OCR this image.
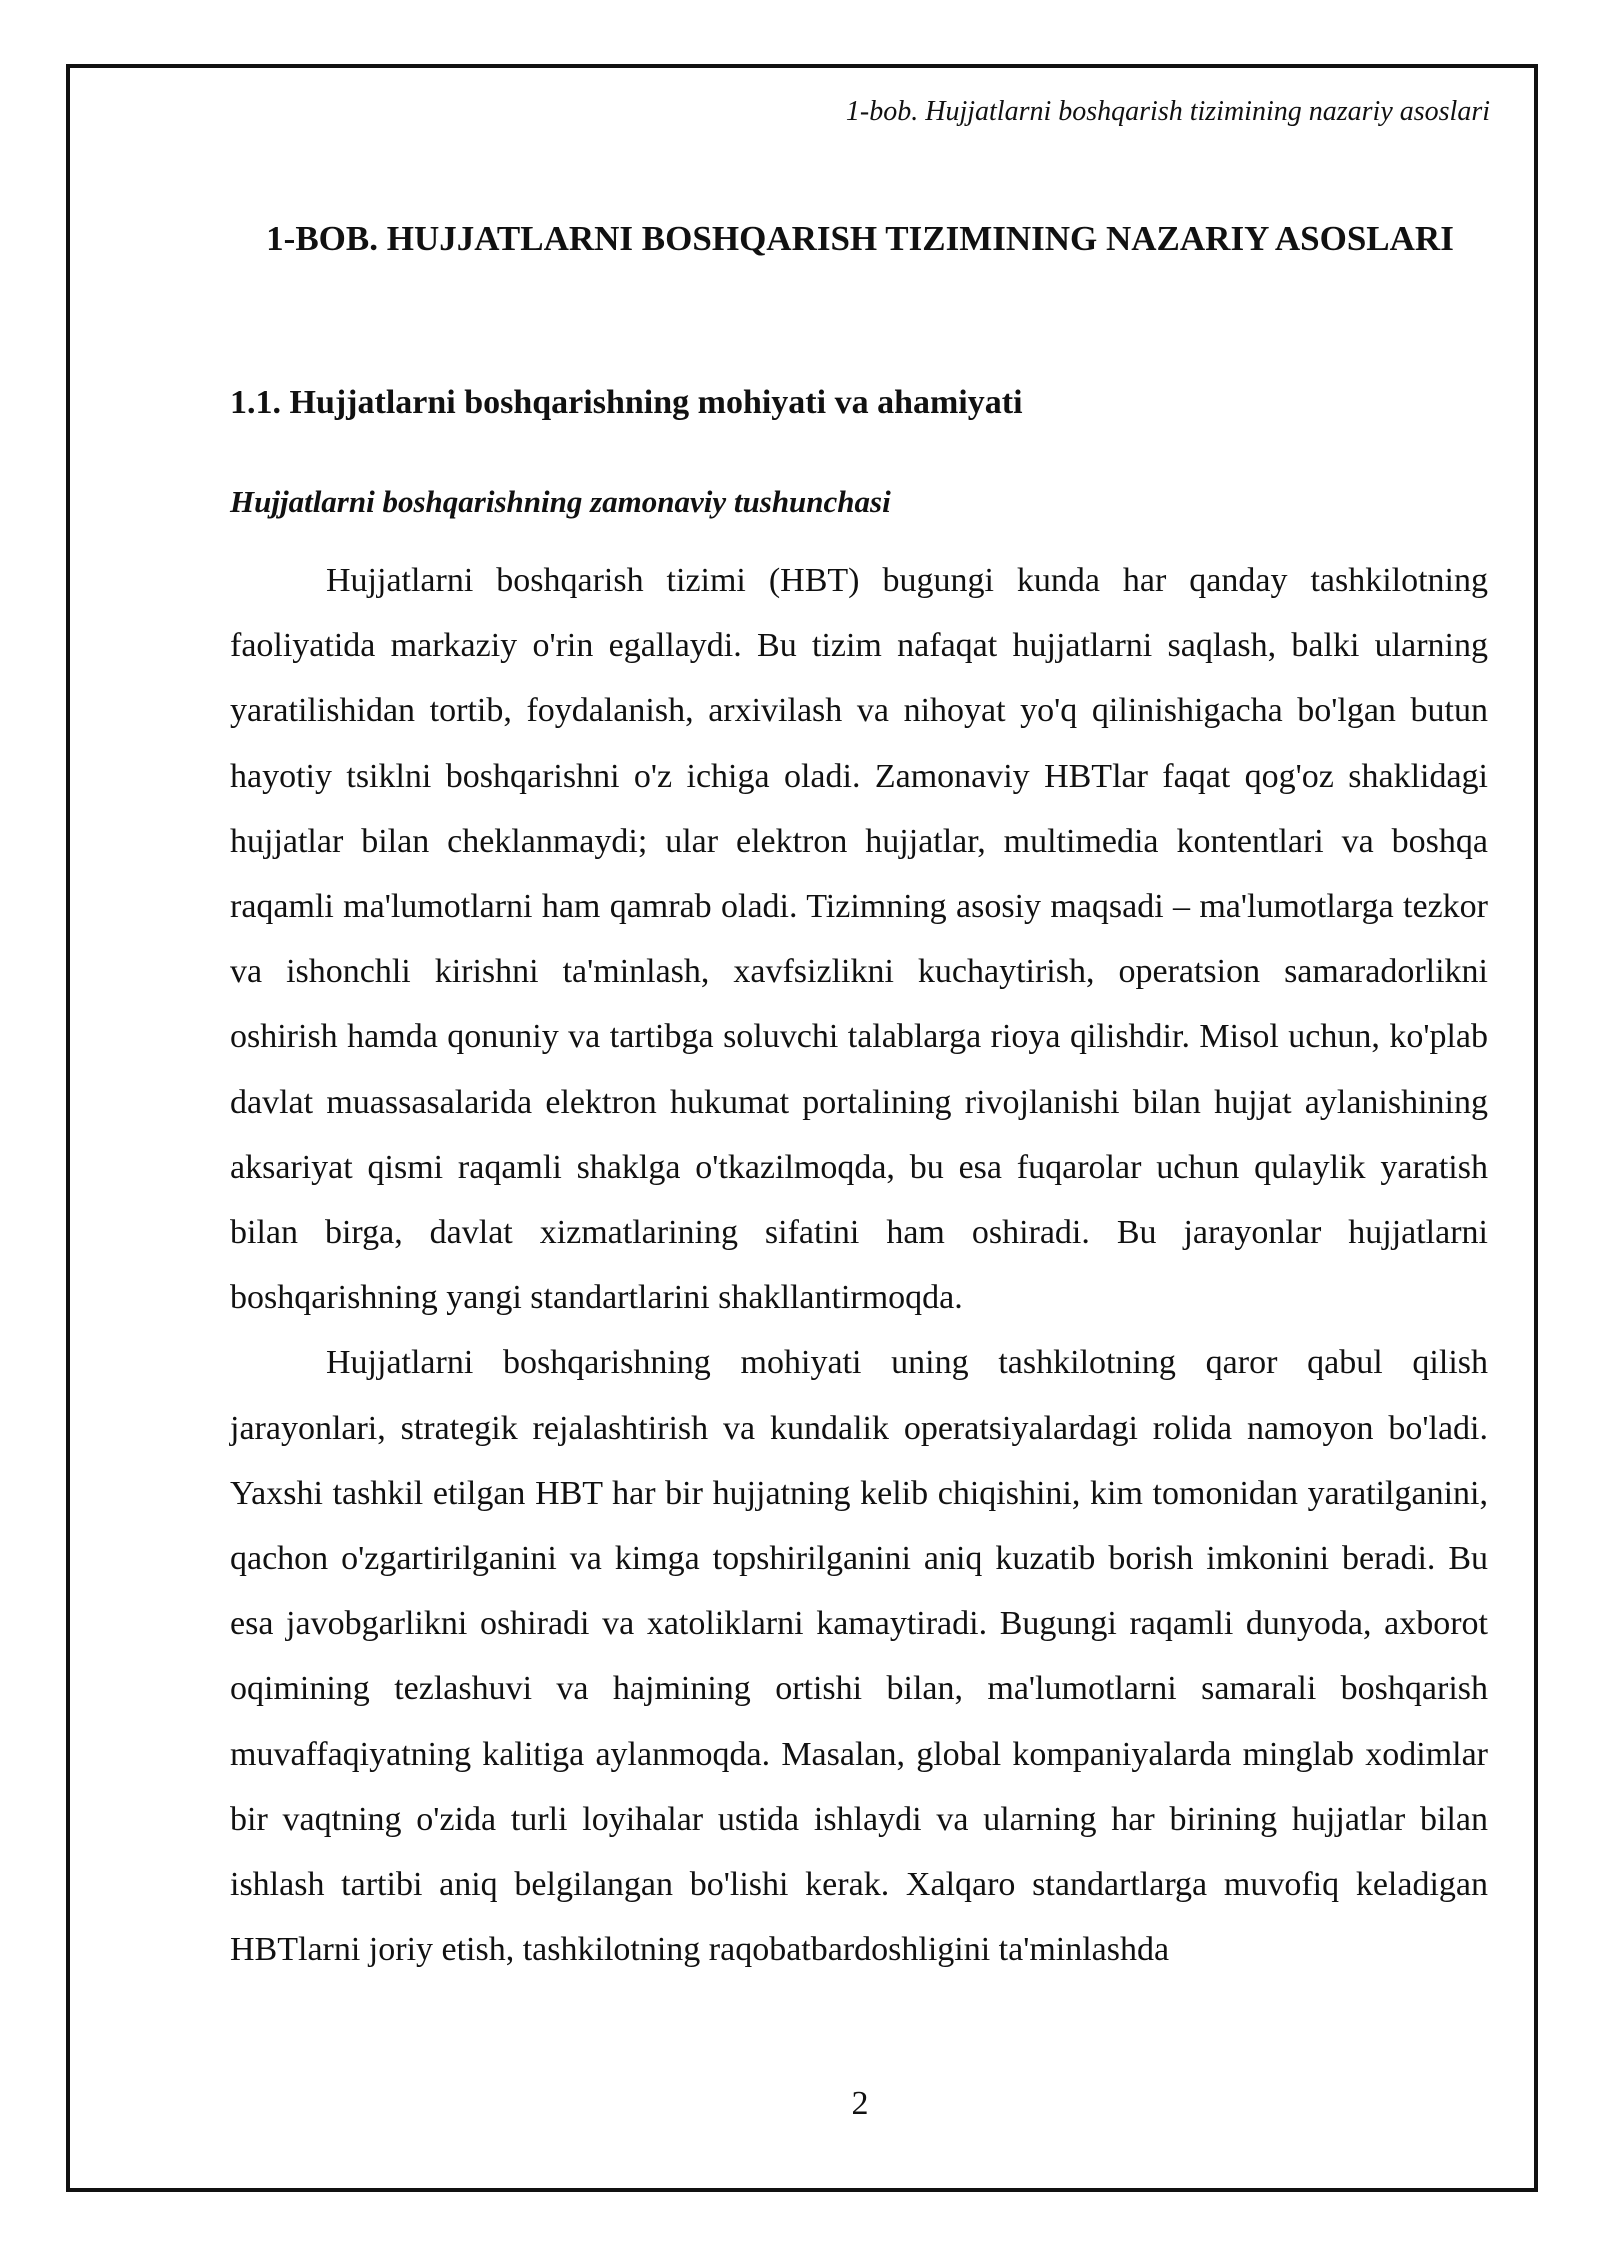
1-bob. Hujjatlarni boshqarish tizimining nazariy asoslari
1-BOB. HUJJATLARNI BOSHQARISH TIZIMINING NAZARIY ASOSLARI
1.1. Hujjatlarni boshqarishning mohiyati va ahamiyati
Hujjatlarni boshqarishning zamonaviy tushunchasi

Hujjatlarni boshqarish tizimi (HBT) bugungi kunda har qanday tashkilotning faoliyatida markaziy o'rin egallaydi. Bu tizim nafaqat hujjatlarni saqlash, balki ularning yaratilishidan tortib, foydalanish, arxivilash va nihoyat yo'q qilinishigacha bo'lgan butun hayotiy tsiklni boshqarishni o'z ichiga oladi. Zamonaviy HBTlar faqat qog'oz shaklidagi hujjatlar bilan cheklanmaydi; ular elektron hujjatlar, multimedia kontentlari va boshqa raqamli ma'lumotlarni ham qamrab oladi. Tizimning asosiy maqsadi – ma'lumotlarga tezkor va ishonchli kirishni ta'minlash, xavfsizlikni kuchaytirish, operatsion samaradorlikni oshirish hamda qonuniy va tartibga soluvchi talablarga rioya qilishdir. Misol uchun, ko'plab davlat muassasalarida elektron hukumat portalining rivojlanishi bilan hujjat aylanishining aksariyat qismi raqamli shaklga o'tkazilmoqda, bu esa fuqarolar uchun qulaylik yaratish bilan birga, davlat xizmatlarining sifatini ham oshiradi. Bu jarayonlar hujjatlarni boshqarishning yangi standartlarini shakllantirmoqda.

Hujjatlarni boshqarishning mohiyati uning tashkilotning qaror qabul qilish jarayonlari, strategik rejalashtirish va kundalik operatsiyalardagi rolida namoyon bo'ladi. Yaxshi tashkil etilgan HBT har bir hujjatning kelib chiqishini, kim tomonidan yaratilganini, qachon o'zgartirilganini va kimga topshirilganini aniq kuzatib borish imkonini beradi. Bu esa javobgarlikni oshiradi va xatoliklarni kamaytiradi. Bugungi raqamli dunyoda, axborot oqimining tezlashuvi va hajmining ortishi bilan, ma'lumotlarni samarali boshqarish muvaffaqiyatning kalitiga aylanmoqda. Masalan, global kompaniyalarda minglab xodimlar bir vaqtning o'zida turli loyihalar ustida ishlaydi va ularning har birining hujjatlar bilan ishlash tartibi aniq belgilangan bo'lishi kerak. Xalqaro standartlarga muvofiq keladigan HBTlarni joriy etish, tashkilotning raqobatbardoshligini ta'minlashda

2
